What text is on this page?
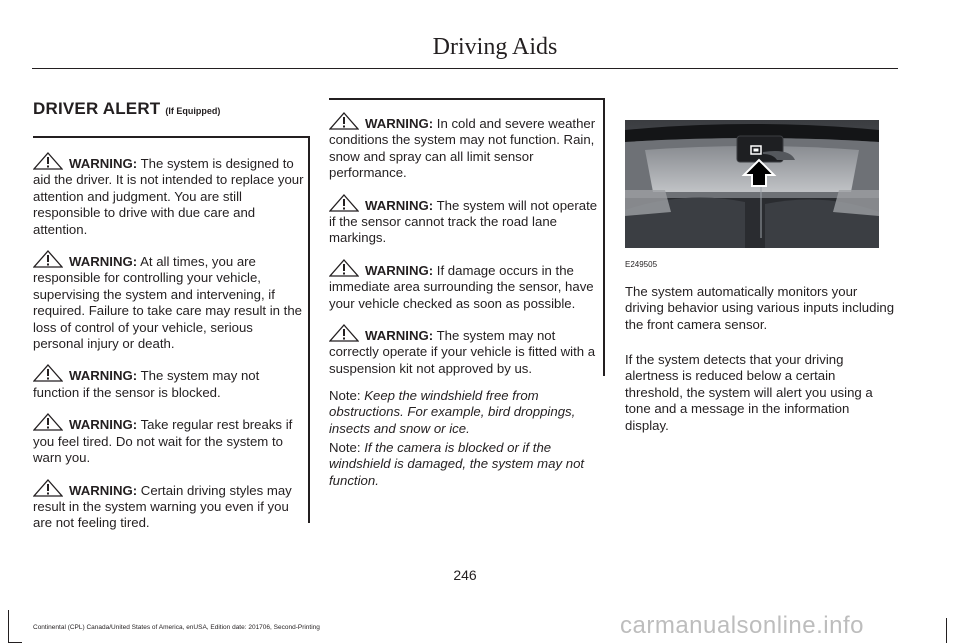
Driving Aids
DRIVER ALERT (If Equipped)
WARNING: The system is designed to aid the driver. It is not intended to replace your attention and judgment. You are still responsible to drive with due care and attention.
WARNING: At all times, you are responsible for controlling your vehicle, supervising the system and intervening, if required. Failure to take care may result in the loss of control of your vehicle, serious personal injury or death.
WARNING: The system may not function if the sensor is blocked.
WARNING: Take regular rest breaks if you feel tired. Do not wait for the system to warn you.
WARNING: Certain driving styles may result in the system warning you even if you are not feeling tired.
WARNING: In cold and severe weather conditions the system may not function. Rain, snow and spray can all limit sensor performance.
WARNING: The system will not operate if the sensor cannot track the road lane markings.
WARNING: If damage occurs in the immediate area surrounding the sensor, have your vehicle checked as soon as possible.
WARNING: The system may not correctly operate if your vehicle is fitted with a suspension kit not approved by us.
Note: Keep the windshield free from obstructions. For example, bird droppings, insects and snow or ice.
Note: If the camera is blocked or if the windshield is damaged, the system may not function.
E249505
The system automatically monitors your driving behavior using various inputs including the front camera sensor.
If the system detects that your driving alertness is reduced below a certain threshold, the system will alert you using a tone and a message in the information display.
246
Continental (CPL) Canada/United States of America, enUSA, Edition date: 201706, Second-Printing	carmanualsonline.info
